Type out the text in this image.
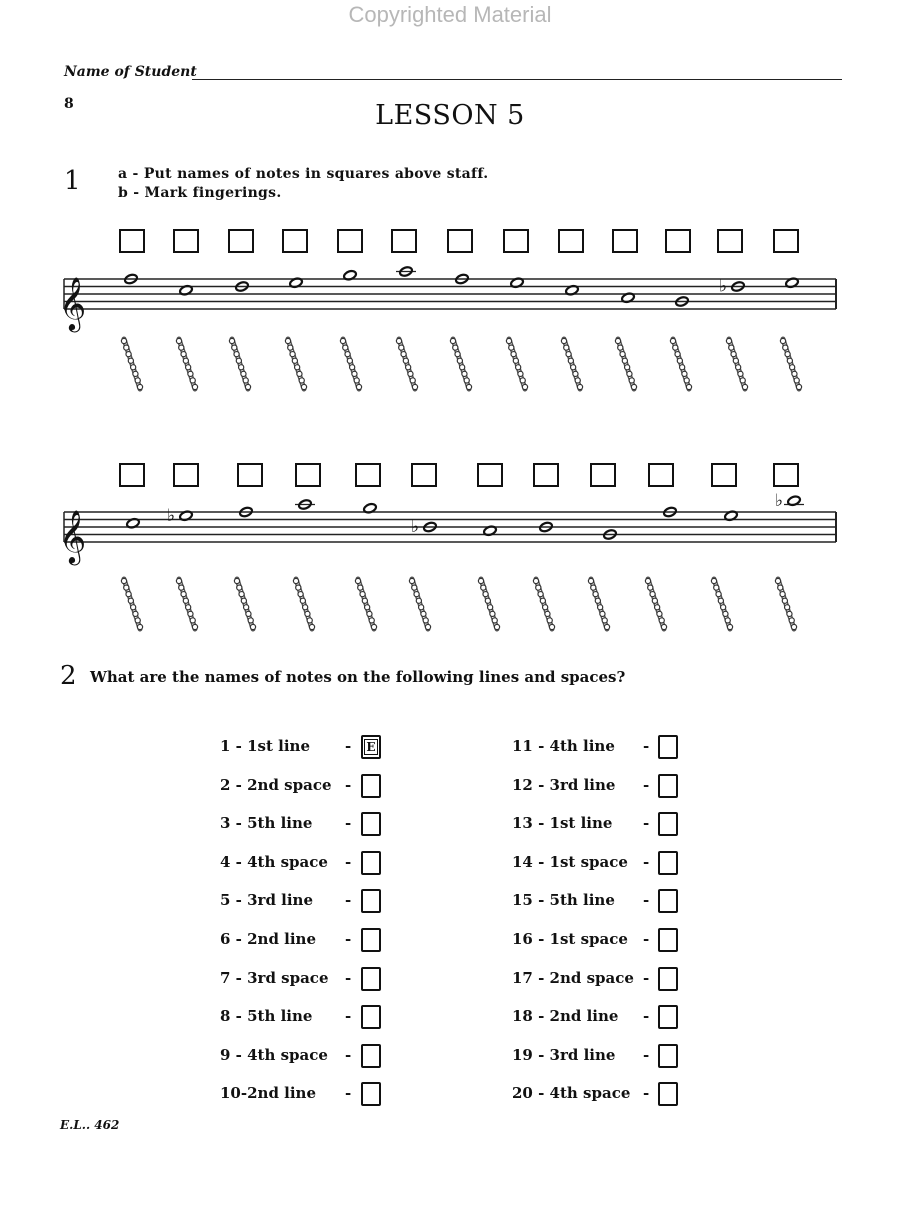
Copyrighted Material
Name of Student
8	LESSON 5
1	a - Put names of notes in squares above staff.
b - Mark fingerings.
𝄞	♭
𝄞	♭
♭
♭
2 What are the names of notes on the following lines and spaces?
1 - 1st line -	E
2 - 2nd space -
3 - 5th line -
4 - 4th space -
5 - 3rd line -
6 - 2nd line -
7 - 3rd space -
8 - 5th line -
9 - 4th space -
10-2nd line -
11 - 4th line -
12 - 3rd line -
13 - 1st line -
14 - 1st space -
15 - 5th line -
16 - 1st space -
17 - 2nd space -
18 - 2nd line -
19 - 3rd line -
20 - 4th space -
E.L.. 462
